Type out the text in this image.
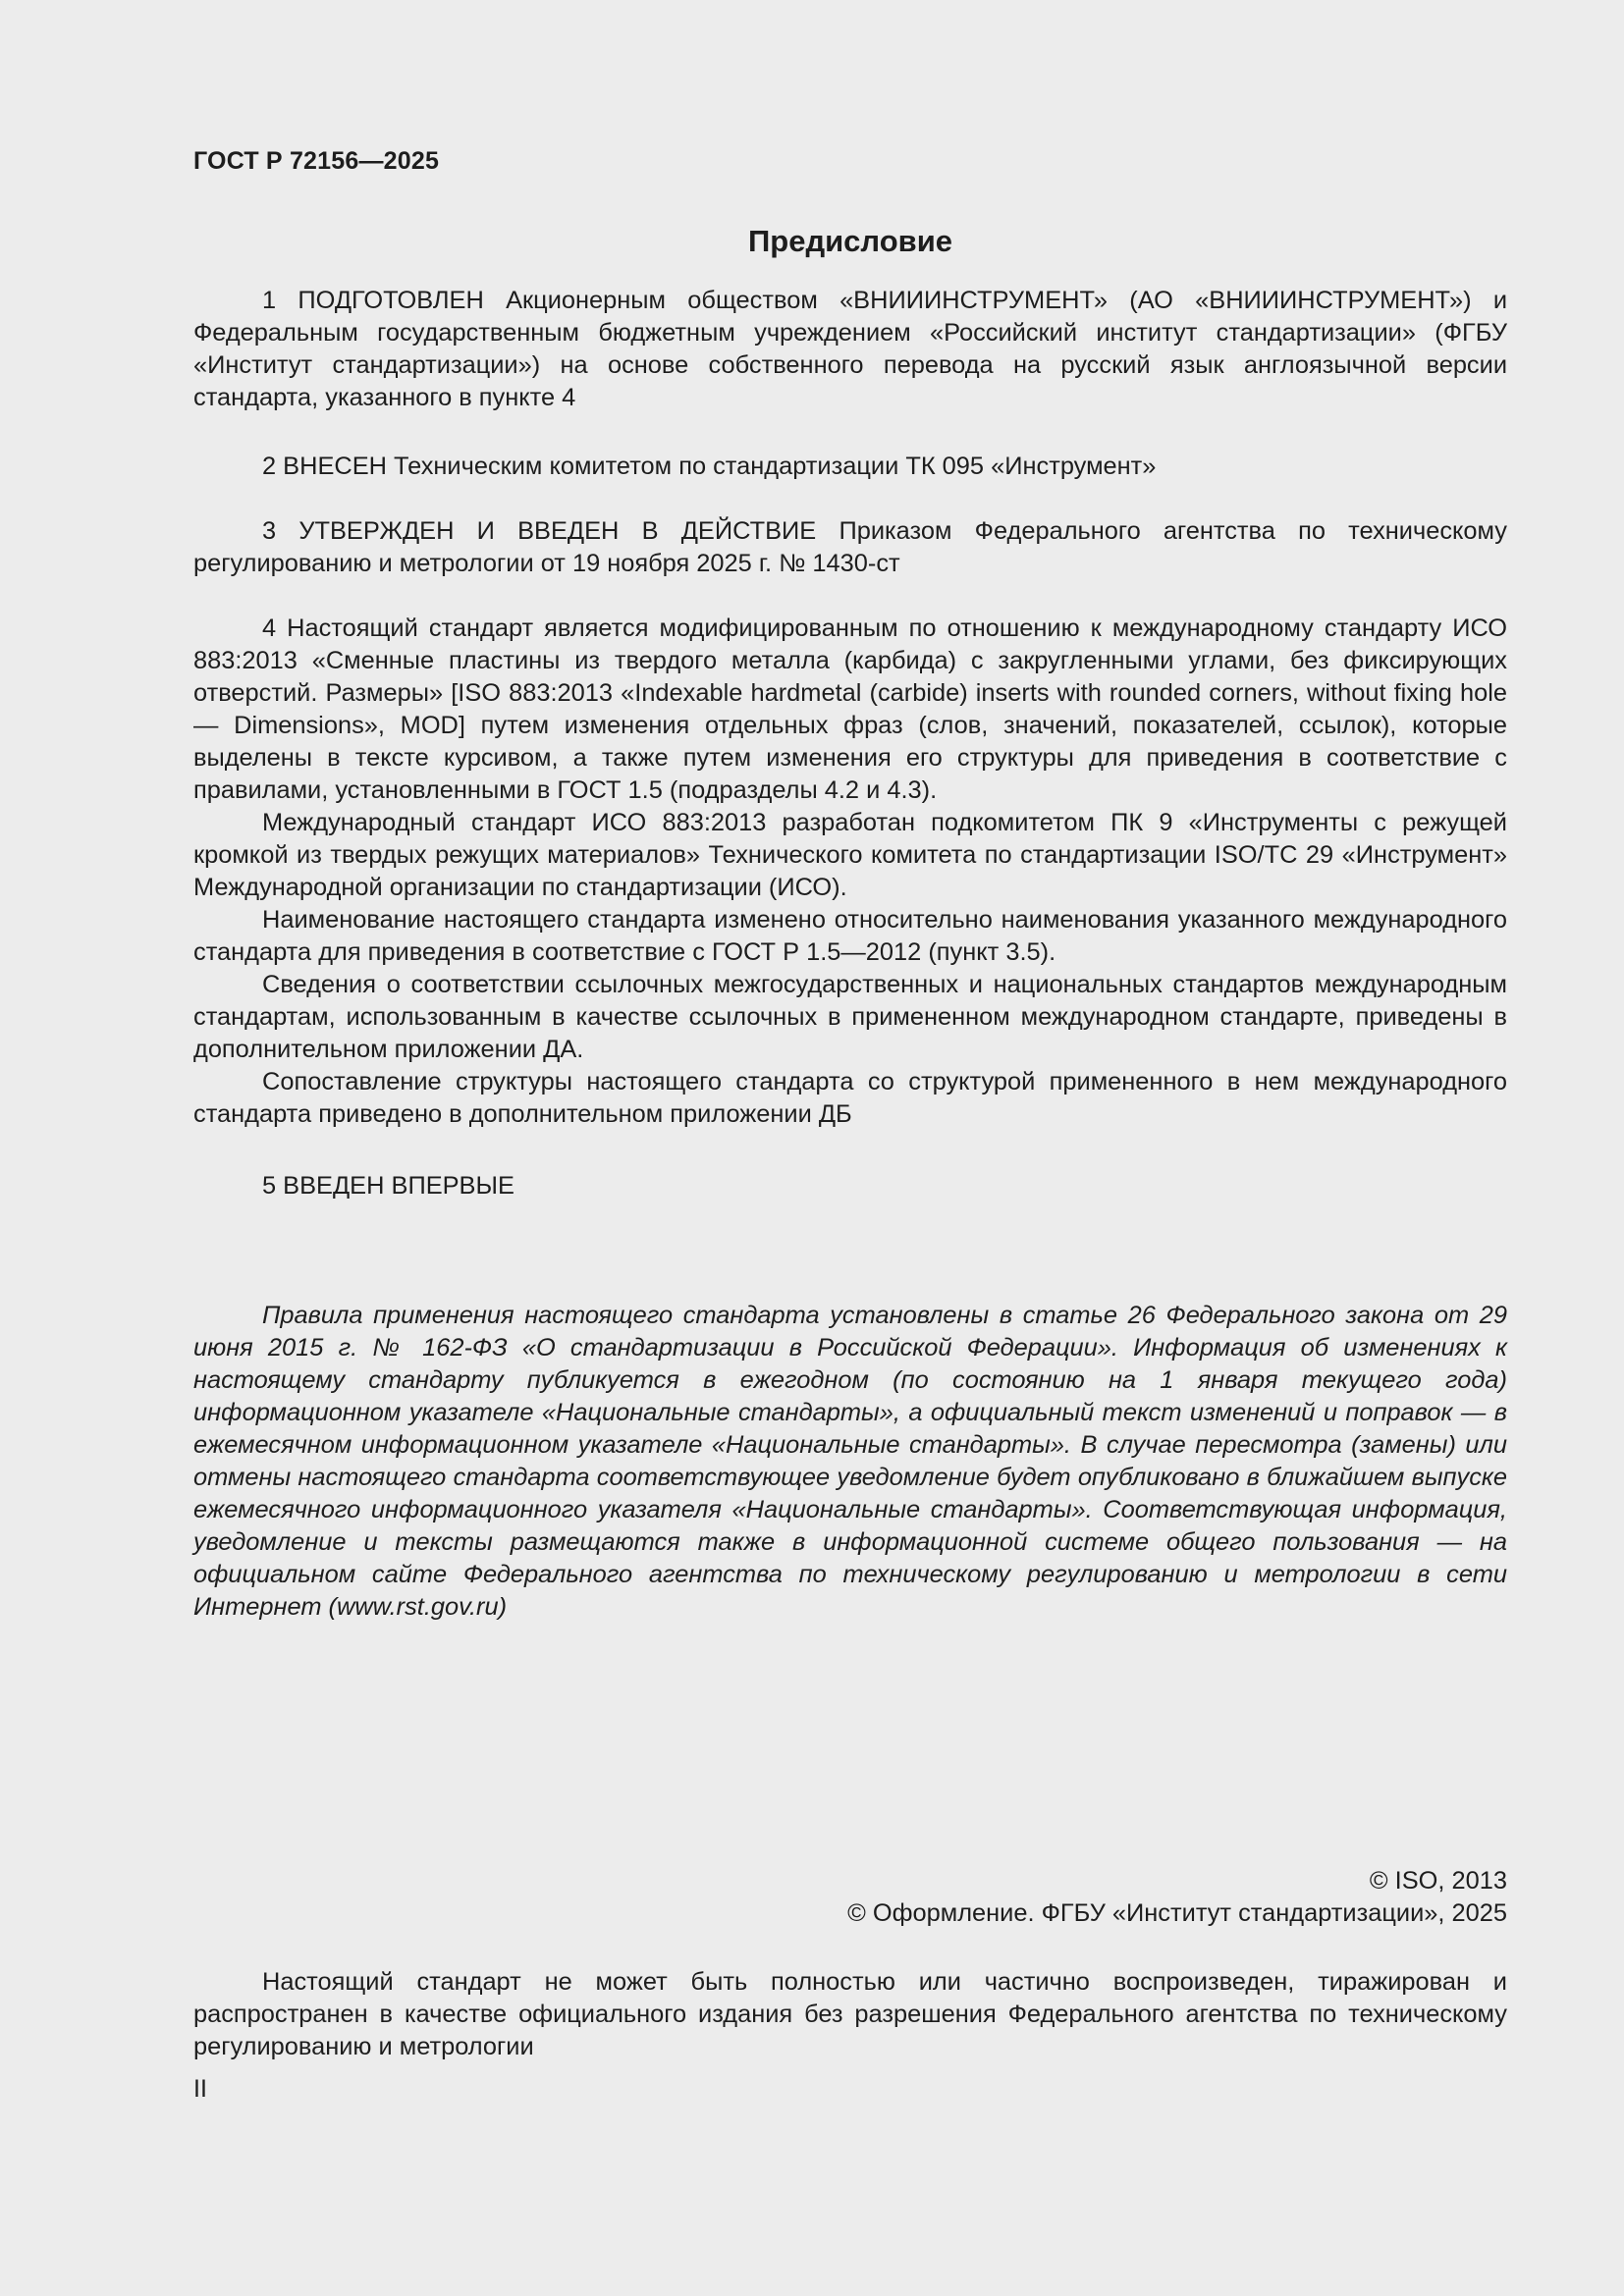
ГОСТ Р 72156—2025
Предисловие

1 ПОДГОТОВЛЕН Акционерным обществом «ВНИИИНСТРУМЕНТ» (АО «ВНИИИНСТРУМЕНТ») и Федеральным государственным бюджетным учреждением «Российский институт стандартизации» (ФГБУ «Институт стандартизации») на основе собственного перевода на русский язык англоязычной версии стандарта, указанного в пункте 4

2 ВНЕСЕН Техническим комитетом по стандартизации ТК 095 «Инструмент»

3 УТВЕРЖДЕН И ВВЕДЕН В ДЕЙСТВИЕ Приказом Федерального агентства по техническому регулированию и метрологии от 19 ноября 2025 г. № 1430-ст

4 Настоящий стандарт является модифицированным по отношению к международному стандарту ИСО 883:2013 «Сменные пластины из твердого металла (карбида) с закругленными углами, без фиксирующих отверстий. Размеры» [ISO 883:2013 «Indexable hardmetal (carbide) inserts with rounded corners, without fixing hole — Dimensions», MOD] путем изменения отдельных фраз (слов, значений, показателей, ссылок), которые выделены в тексте курсивом, а также путем изменения его структуры для приведения в соответствие с правилами, установленными в ГОСТ 1.5 (подразделы 4.2 и 4.3).

Международный стандарт ИСО 883:2013 разработан подкомитетом ПК 9 «Инструменты с режущей кромкой из твердых режущих материалов» Технического комитета по стандартизации ISO/TC 29 «Инструмент» Международной организации по стандартизации (ИСО).

Наименование настоящего стандарта изменено относительно наименования указанного международного стандарта для приведения в соответствие с ГОСТ Р 1.5—2012 (пункт 3.5).

Сведения о соответствии ссылочных межгосударственных и национальных стандартов международным стандартам, использованным в качестве ссылочных в примененном международном стандарте, приведены в дополнительном приложении ДА.

Сопоставление структуры настоящего стандарта со структурой примененного в нем международного стандарта приведено в дополнительном приложении ДБ

5 ВВЕДЕН ВПЕРВЫЕ

Правила применения настоящего стандарта установлены в статье 26 Федерального закона от 29 июня 2015 г. № 162-ФЗ «О стандартизации в Российской Федерации». Информация об изменениях к настоящему стандарту публикуется в ежегодном (по состоянию на 1 января текущего года) информационном указателе «Национальные стандарты», а официальный текст изменений и поправок — в ежемесячном информационном указателе «Национальные стандарты». В случае пересмотра (замены) или отмены настоящего стандарта соответствующее уведомление будет опубликовано в ближайшем выпуске ежемесячного информационного указателя «Национальные стандарты». Соответствующая информация, уведомление и тексты размещаются также в информационной системе общего пользования — на официальном сайте Федерального агентства по техническому регулированию и метрологии в сети Интернет (www.rst.gov.ru)

© ISO, 2013
© Оформление. ФГБУ «Институт стандартизации», 2025

Настоящий стандарт не может быть полностью или частично воспроизведен, тиражирован и распространен в качестве официального издания без разрешения Федерального агентства по техническому регулированию и метрологии

II
